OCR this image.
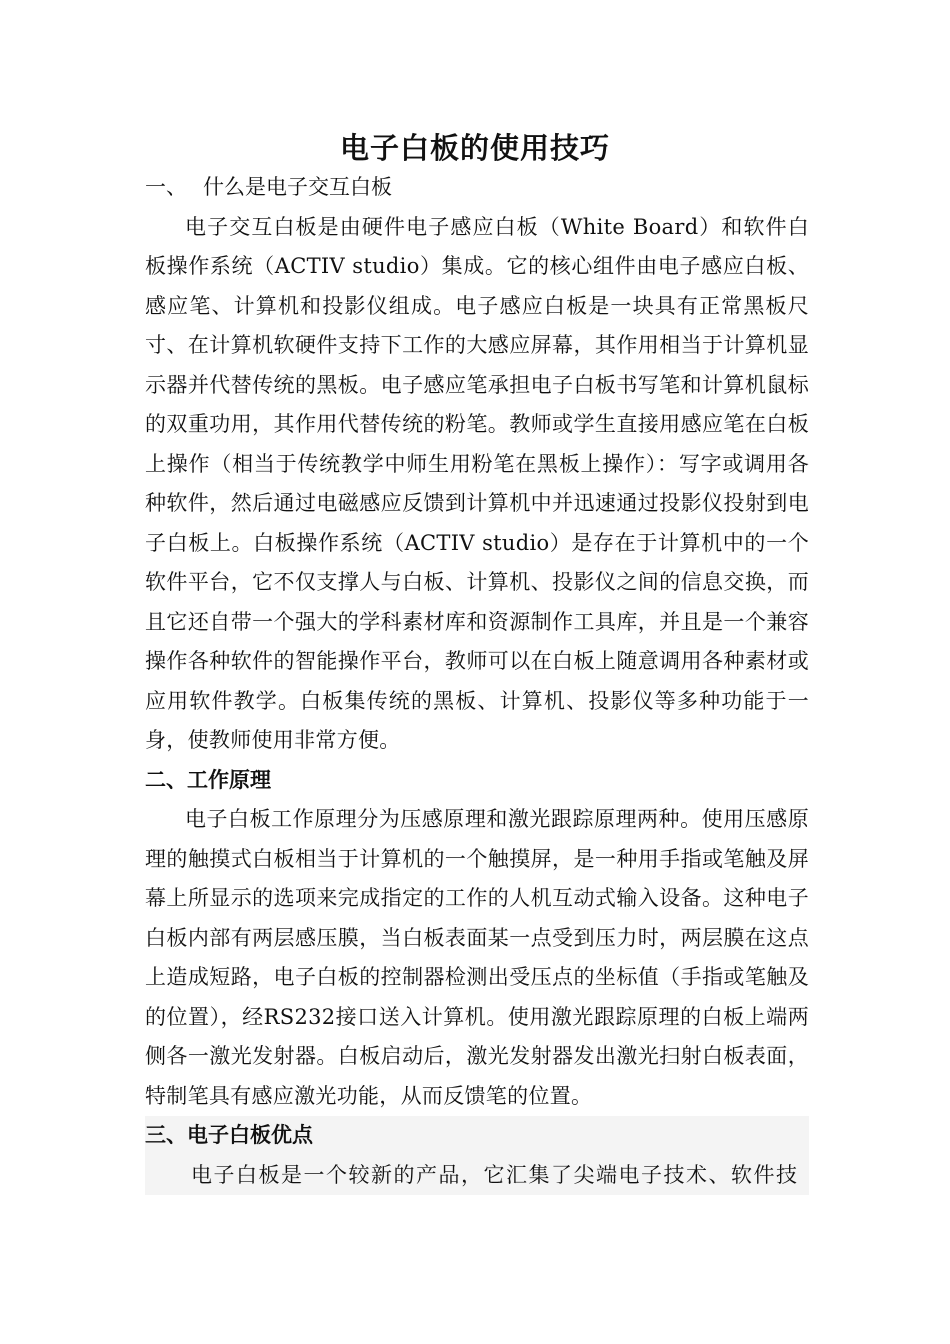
电子白板的使用技巧

一、 什么是电子交互白板

电子交互白板是由硬件电子感应白板（White Board）和软件白板操作系统（ACTIV studio）集成。它的核心组件由电子感应白板、感应笔、计算机和投影仪组成。电子感应白板是一块具有正常黑板尺寸、在计算机软硬件支持下工作的大感应屏幕，其作用相当于计算机显示器并代替传统的黑板。电子感应笔承担电子白板书写笔和计算机鼠标的双重功用，其作用代替传统的粉笔。教师或学生直接用感应笔在白板上操作（相当于传统教学中师生用粉笔在黑板上操作）：写字或调用各种软件，然后通过电磁感应反馈到计算机中并迅速通过投影仪投射到电子白板上。白板操作系统（ACTIV studio）是存在于计算机中的一个软件平台，它不仅支撑人与白板、计算机、投影仪之间的信息交换，而且它还自带一个强大的学科素材库和资源制作工具库，并且是一个兼容操作各种软件的智能操作平台，教师可以在白板上随意调用各种素材或应用软件教学。白板集传统的黑板、计算机、投影仪等多种功能于一身，使教师使用非常方便。

二、工作原理

电子白板工作原理分为压感原理和激光跟踪原理两种。使用压感原理的触摸式白板相当于计算机的一个触摸屏，是一种用手指或笔触及屏幕上所显示的选项来完成指定的工作的人机互动式输入设备。这种电子白板内部有两层感压膜，当白板表面某一点受到压力时，两层膜在这点上造成短路，电子白板的控制器检测出受压点的坐标值（手指或笔触及的位置），经RS232接口送入计算机。使用激光跟踪原理的白板上端两侧各一激光发射器。白板启动后，激光发射器发出激光扫射白板表面，特制笔具有感应激光功能，从而反馈笔的位置。

三、电子白板优点

电子白板是一个较新的产品，它汇集了尖端电子技术、软件技
